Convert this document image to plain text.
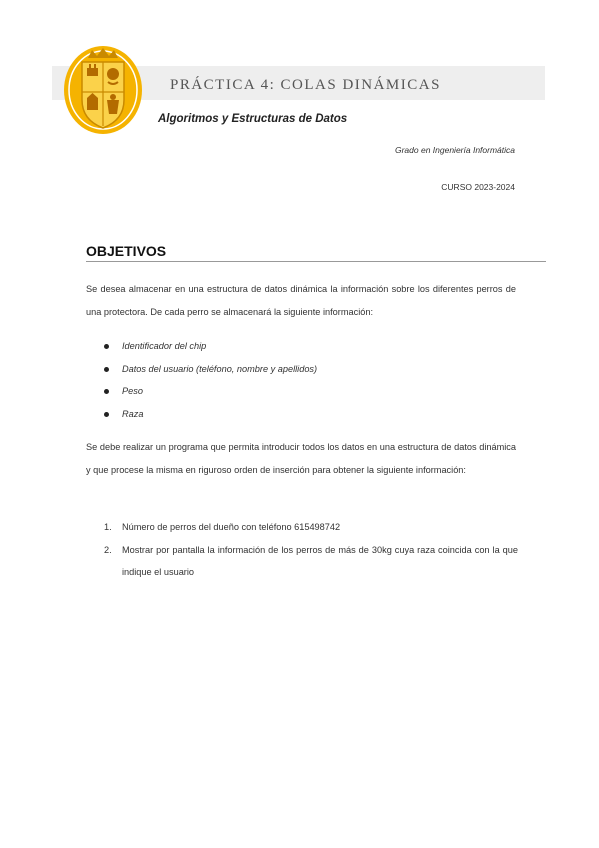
PRÁCTICA 4: COLAS DINÁMICAS
Algoritmos y Estructuras de Datos
Grado en Ingeniería Informática
CURSO 2023-2024
OBJETIVOS

Se desea almacenar en una estructura de datos dinámica la información sobre los diferentes perros de una protectora. De cada perro se almacenará la siguiente información:

Identificador del chip
Datos del usuario (teléfono, nombre y apellidos)
Peso
Raza

Se debe realizar un programa que permita introducir todos los datos en una estructura de datos dinámica y que procese la misma en riguroso orden de inserción para obtener la siguiente información:

1. Número de perros del dueño con teléfono 615498742
2. Mostrar por pantalla la información de los perros de más de 30kg cuya raza coincida con la que indique el usuario
